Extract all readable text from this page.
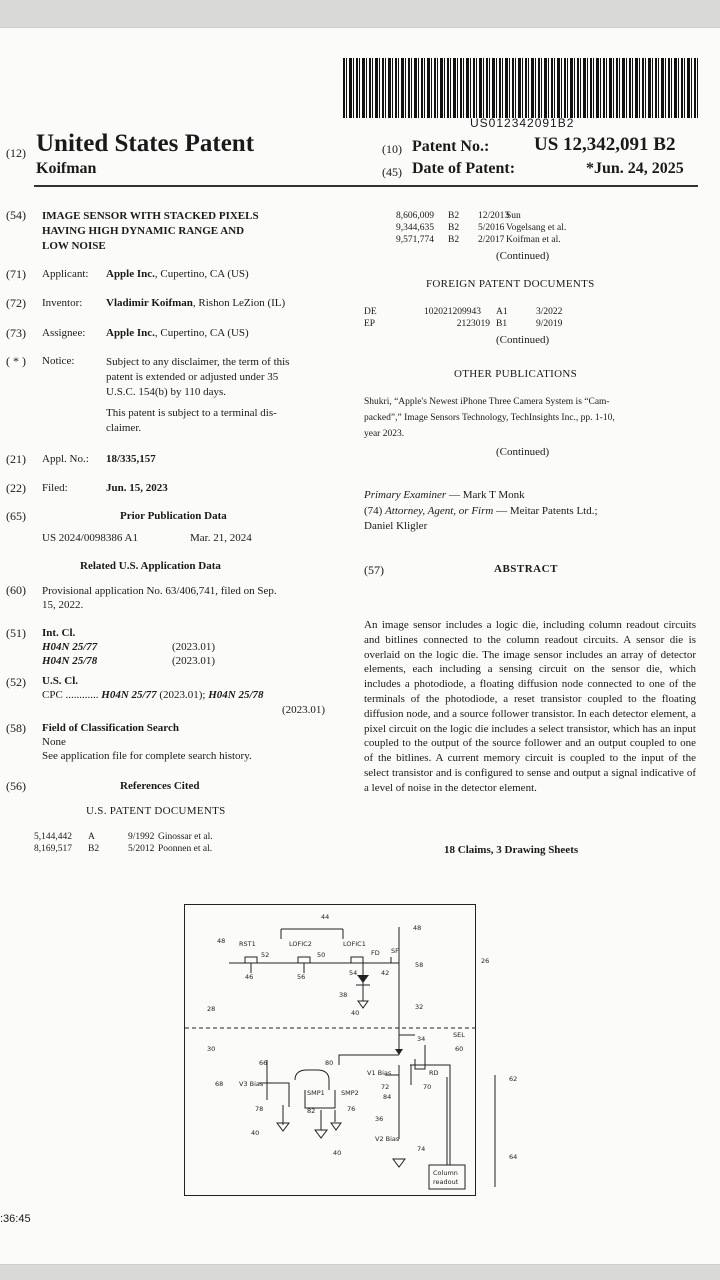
US012342091B2
(12) United States Patent
Koifman
(10) Patent No.: US 12,342,091 B2
(45) Date of Patent:	*Jun. 24, 2025
(54) IMAGE SENSOR WITH STACKED PIXELS
HAVING HIGH DYNAMIC RANGE AND
LOW NOISE
(71) Applicant: Apple Inc., Cupertino, CA (US)
(72) Inventor: Vladimir Koifman, Rishon LeZion (IL)
(73) Assignee: Apple Inc., Cupertino, CA (US)
( * ) Notice:	Subject to any disclaimer, the term of this
patent is extended or adjusted under 35
U.S.C. 154(b) by 110 days.
This patent is subject to a terminal dis-
claimer.
(21) Appl. No.: 18/335,157
(22) Filed:	Jun. 15, 2023
(65)	Prior Publication Data
US 2024/0098386 A1	Mar. 21, 2024
Related U.S. Application Data
(60) Provisional application No. 63/406,741, filed on Sep.
15, 2022.
(51) Int. Cl.
H04N 25/77	(2023.01)
H04N 25/78	(2023.01)
(52) U.S. Cl.
CPC ............ H04N 25/77 (2023.01); H04N 25/78
(2023.01)
(58) Field of Classification Search
None
See application file for complete search history.
(56)	References Cited
U.S. PATENT DOCUMENTS
5,144,442 A	9/1992 Ginossar et al.
8,169,517 B2	5/2012 Poonnen et al.
8,606,009 B2 12/2013Sun
9,344,635 B2 5/2016 Vogelsang et al.
9,571,774 B2 2/2017 Koifman et al.
(Continued)
FOREIGN PATENT DOCUMENTS
DE	102021209943 A1	3/2022
EP	2123019 B1	9/2019
(Continued)
OTHER PUBLICATIONS
Shukri, “Apple's Newest iPhone Three Camera System is “Cam-
packed”,” Image Sensors Technology, TechInsights Inc., pp. 1-10,
year 2023.
(Continued)
Primary Examiner — Mark T Monk
(74) Attorney, Agent, or Firm — Meitar Patents Ltd.;
Daniel Kligler
(57)	ABSTRACT
An image sensor includes a logic die, including column readout circuits and bitlines connected to the column readout circuits. A sensor die is overlaid on the logic die. The image sensor includes an array of detector elements, each including a sensing circuit on the sensor die, which includes a photodiode, a floating diffusion node connected to one of the terminals of the photodiode, a reset transistor coupled to the floating diffusion node, and a source follower transistor. In each detector element, a pixel circuit on the logic die includes a select transistor, which has an input coupled to the output of the source follower and an output coupled to one of the bitlines. A current memory circuit is coupled to the input of the select transistor and is configured to sense and output a signal indicative of a level of noise in the detector element.
18 Claims, 3 Drawing Sheets
44
48 RST1
52
LOFIC2
50
LOFIC1
FD SF
48
46	56	54	42
58	26
38
40
32
28
34	SEL
60
30
66	80
V1 Bias	RD
68 V3 Bias
SMP1 SMP2
72	70
62
84
78	82	76
36
40
V2 Bias
74
40	64
Column
readout
:36:45
